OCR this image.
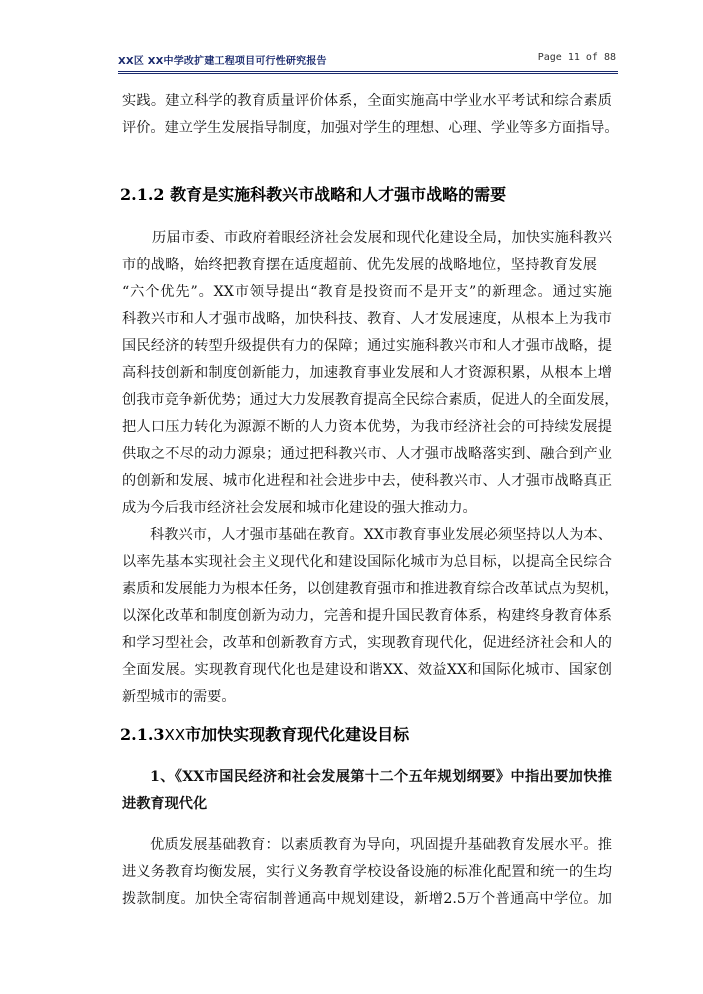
XX区 XX中学改扩建工程项目可行性研究报告	Page 11 of 88
实践。建立科学的教育质量评价体系，全面实施高中学业水平考试和综合素质
评价。建立学生发展指导制度，加强对学生的理想、心理、学业等多方面指导。
2.1.2 教育是实施科教兴市战略和人才强市战略的需要
历届市委、市政府着眼经济社会发展和现代化建设全局，加快实施科教兴
市的战略，始终把教育摆在适度超前、优先发展的战略地位，坚持教育发展
“六个优先”。XX市领导提出“教育是投资而不是开支”的新理念。通过实施
科教兴市和人才强市战略，加快科技、教育、人才发展速度，从根本上为我市
国民经济的转型升级提供有力的保障；通过实施科教兴市和人才强市战略，提
高科技创新和制度创新能力，加速教育事业发展和人才资源积累，从根本上增
创我市竞争新优势；通过大力发展教育提高全民综合素质，促进人的全面发展，
把人口压力转化为源源不断的人力资本优势，为我市经济社会的可持续发展提
供取之不尽的动力源泉；通过把科教兴市、人才强市战略落实到、融合到产业
的创新和发展、城市化进程和社会进步中去，使科教兴市、人才强市战略真正
成为今后我市经济社会发展和城市化建设的强大推动力。
科教兴市，人才强市基础在教育。XX市教育事业发展必须坚持以人为本、
以率先基本实现社会主义现代化和建设国际化城市为总目标，以提高全民综合
素质和发展能力为根本任务，以创建教育强市和推进教育综合改革试点为契机，
以深化改革和制度创新为动力，完善和提升国民教育体系，构建终身教育体系
和学习型社会，改革和创新教育方式，实现教育现代化，促进经济社会和人的
全面发展。实现教育现代化也是建设和谐XX、效益XX和国际化城市、国家创
新型城市的需要。
2.1.3XX市加快实现教育现代化建设目标
1、《XX市国民经济和社会发展第十二个五年规划纲要》中指出要加快推
进教育现代化
优质发展基础教育：以素质教育为导向，巩固提升基础教育发展水平。推
进义务教育均衡发展，实行义务教育学校设备设施的标准化配置和统一的生均
拨款制度。加快全寄宿制普通高中规划建设，新增2.5万个普通高中学位。加
